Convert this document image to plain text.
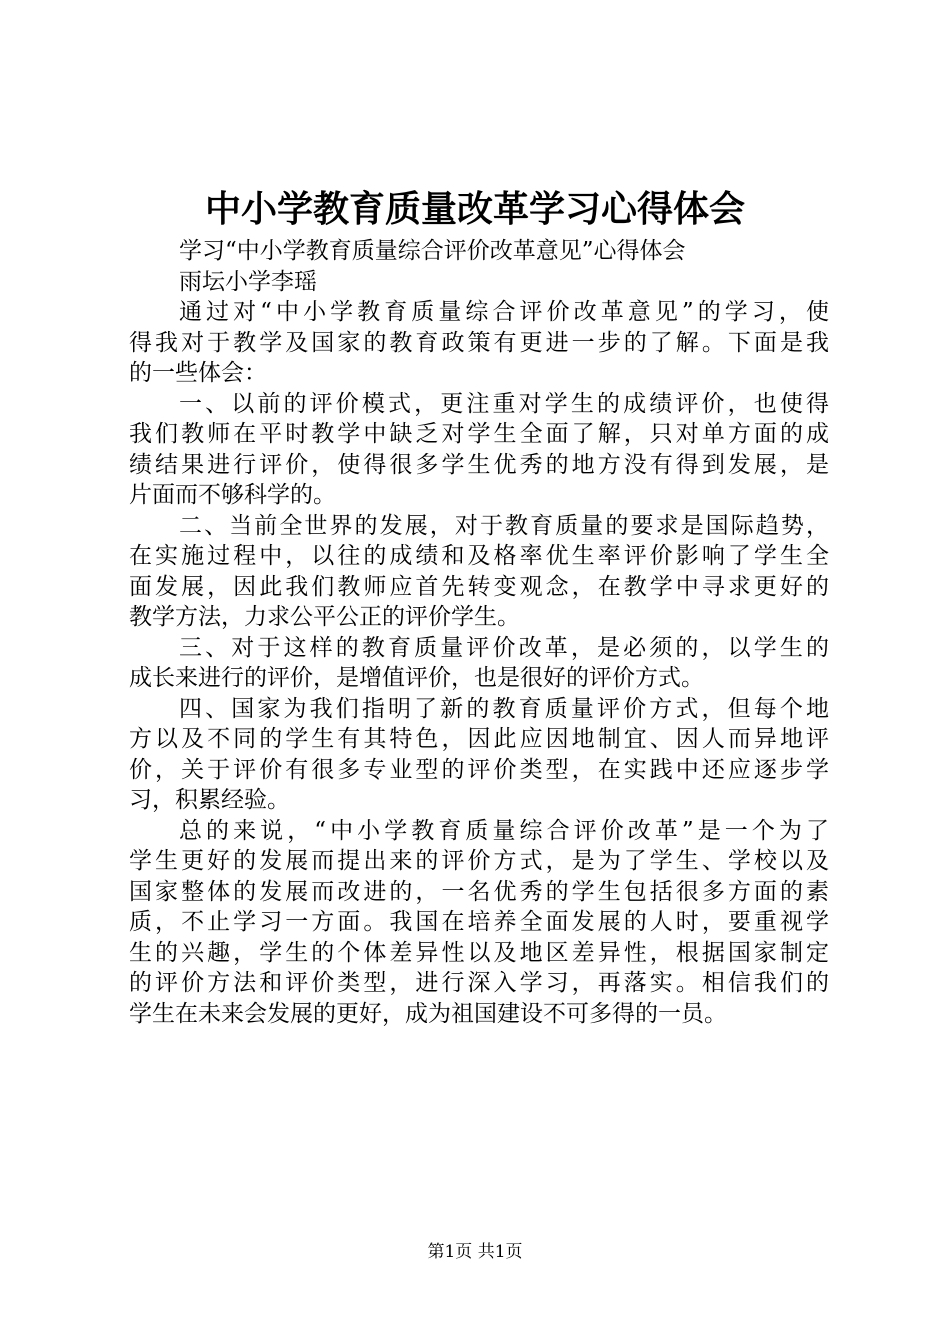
中小学教育质量改革学习心得体会
学习“中小学教育质量综合评价改革意见”心得体会
雨坛小学李瑶
通过对“中小学教育质量综合评价改革意见”的学习，使
得我对于教学及国家的教育政策有更进一步的了解。下面是我
的一些体会：
一、以前的评价模式，更注重对学生的成绩评价，也使得
我们教师在平时教学中缺乏对学生全面了解，只对单方面的成
绩结果进行评价，使得很多学生优秀的地方没有得到发展，是
片面而不够科学的。
二、当前全世界的发展，对于教育质量的要求是国际趋势，
在实施过程中，以往的成绩和及格率优生率评价影响了学生全
面发展，因此我们教师应首先转变观念，在教学中寻求更好的
教学方法，力求公平公正的评价学生。
三、对于这样的教育质量评价改革，是必须的，以学生的
成长来进行的评价，是增值评价，也是很好的评价方式。
四、国家为我们指明了新的教育质量评价方式，但每个地
方以及不同的学生有其特色，因此应因地制宜、因人而异地评
价，关于评价有很多专业型的评价类型，在实践中还应逐步学
习，积累经验。
总的来说，“中小学教育质量综合评价改革”是一个为了
学生更好的发展而提出来的评价方式，是为了学生、学校以及
国家整体的发展而改进的，一名优秀的学生包括很多方面的素
质，不止学习一方面。我国在培养全面发展的人时，要重视学
生的兴趣，学生的个体差异性以及地区差异性，根据国家制定
的评价方法和评价类型，进行深入学习，再落实。相信我们的
学生在未来会发展的更好，成为祖国建设不可多得的一员。
第1页 共1页
